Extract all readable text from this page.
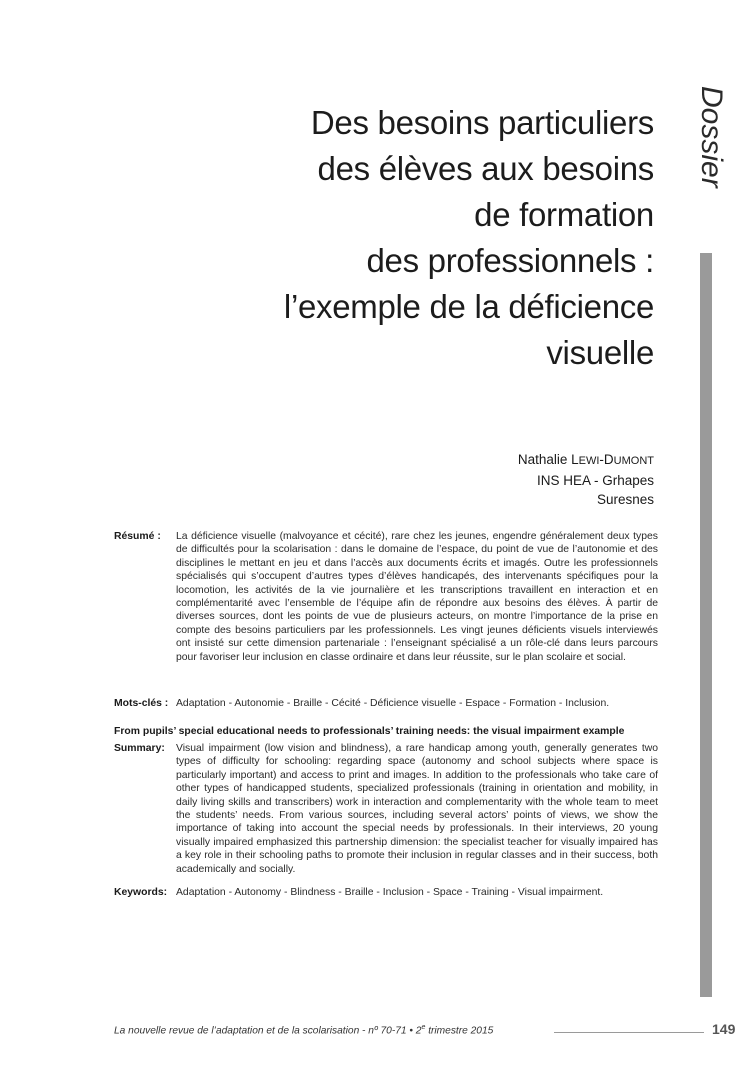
Dossier
Des besoins particuliers
des élèves aux besoins
de formation
des professionnels :
l’exemple de la déficience
visuelle
Nathalie LEWI-DUMONT
INS HEA - Grhapes
Suresnes
Résumé :	La déficience visuelle (malvoyance et cécité), rare chez les jeunes, engendre généralement deux types de difficultés pour la scolarisation : dans le domaine de l’espace, du point de vue de l’autonomie et des disciplines le mettant en jeu et dans l’accès aux documents écrits et imagés. Outre les professionnels spécialisés qui s’occupent d’autres types d’élèves handicapés, des intervenants spécifiques pour la locomotion, les activités de la vie journalière et les transcriptions travaillent en interaction et en complémentarité avec l’ensemble de l’équipe afin de répondre aux besoins des élèves. À partir de diverses sources, dont les points de vue de plusieurs acteurs, on montre l’importance de la prise en compte des besoins particuliers par les professionnels. Les vingt jeunes déficients visuels interviewés ont insisté sur cette dimension partenariale : l’enseignant spécialisé a un rôle-clé dans leurs parcours pour favoriser leur inclusion en classe ordinaire et dans leur réussite, sur le plan scolaire et social.
Mots-clés : Adaptation - Autonomie - Braille - Cécité - Déficience visuelle - Espace - Formation - Inclusion.
From pupils’ special educational needs to professionals’ training needs: the visual impairment example
Summary:	Visual impairment (low vision and blindness), a rare handicap among youth, generally generates two types of difficulty for schooling: regarding space (autonomy and school subjects where space is particularly important) and access to print and images. In addition to the professionals who take care of other types of handicapped students, specialized professionals (training in orientation and mobility, in daily living skills and transcribers) work in interaction and complementarity with the whole team to meet the students’ needs. From various sources, including several actors’ points of views, we show the importance of taking into account the special needs by professionals. In their interviews, 20 young visually impaired emphasized this partnership dimension: the specialist teacher for visually impaired has a key role in their schooling paths to promote their inclusion in regular classes and in their success, both academically and socially.
Keywords: Adaptation - Autonomy - Blindness - Braille - Inclusion - Space - Training - Visual impairment.
La nouvelle revue de l’adaptation et de la scolarisation - nº 70-71 • 2e trimestre 2015	149
